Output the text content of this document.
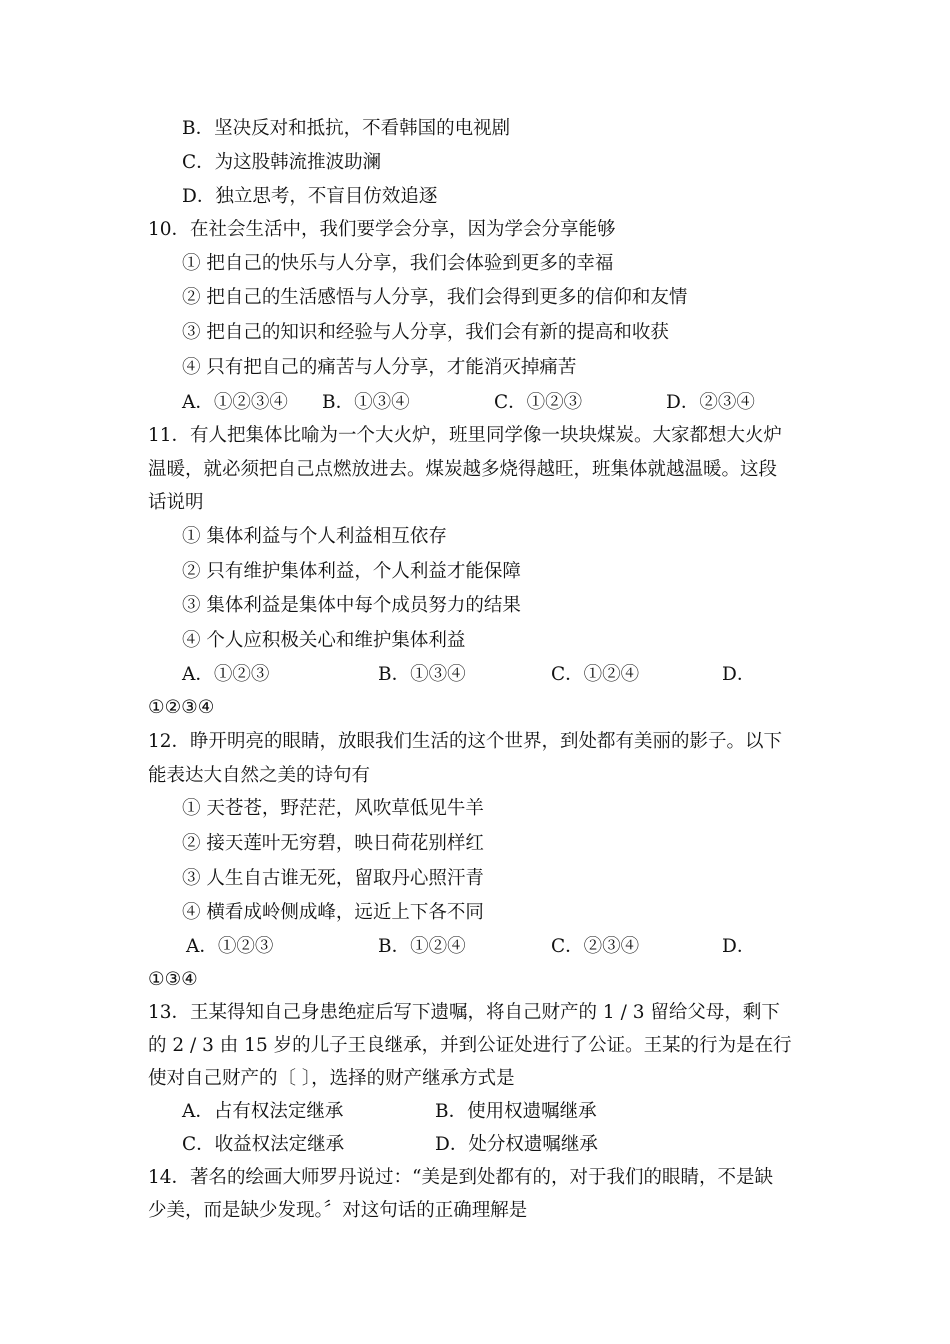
B．坚决反对和抵抗，不看韩国的电视剧
C．为这股韩流推波助澜
D．独立思考，不盲目仿效追逐
10．在社会生活中，我们要学会分享，因为学会分享能够
① 把自己的快乐与人分享，我们会体验到更多的幸福
② 把自己的生活感悟与人分享，我们会得到更多的信仰和友情
③ 把自己的知识和经验与人分享，我们会有新的提高和收获
④ 只有把自己的痛苦与人分享，才能消灭掉痛苦
A．①②③④ B．①③④	C．①②③	D．②③④
11．有人把集体比喻为一个大火炉，班里同学像一块块煤炭。大家都想大火炉
温暖，就必须把自己点燃放进去。煤炭越多烧得越旺，班集体就越温暖。这段
话说明
① 集体利益与个人利益相互依存
② 只有维护集体利益，个人利益才能保障
③ 集体利益是集体中每个成员努力的结果
④ 个人应积极关心和维护集体利益
A．①②③	B．①③④	C．①②④	D．
①②③④
12．睁开明亮的眼睛，放眼我们生活的这个世界，到处都有美丽的影子。以下
能表达大自然之美的诗句有
① 天苍苍，野茫茫，风吹草低见牛羊
② 接天莲叶无穷碧，映日荷花别样红
③ 人生自古谁无死，留取丹心照汗青
④ 横看成岭侧成峰，远近上下各不同
A．①②③	B．①②④	C．②③④	D．
①③④
13．王某得知自己身患绝症后写下遗嘱，将自己财产的 1 / 3 留给父母，剩下
的 2 / 3 由 15 岁的儿子王良继承，并到公证处进行了公证。王某的行为是在行
使对自己财产的〔 〕，选择的财产继承方式是
A．占有权法定继承	B．使用权遗嘱继承
C．收益权法定继承	D．处分权遗嘱继承
14．著名的绘画大师罗丹说过：“美是到处都有的，对于我们的眼睛，不是缺
少美，而是缺少发现。〞对这句话的正确理解是
